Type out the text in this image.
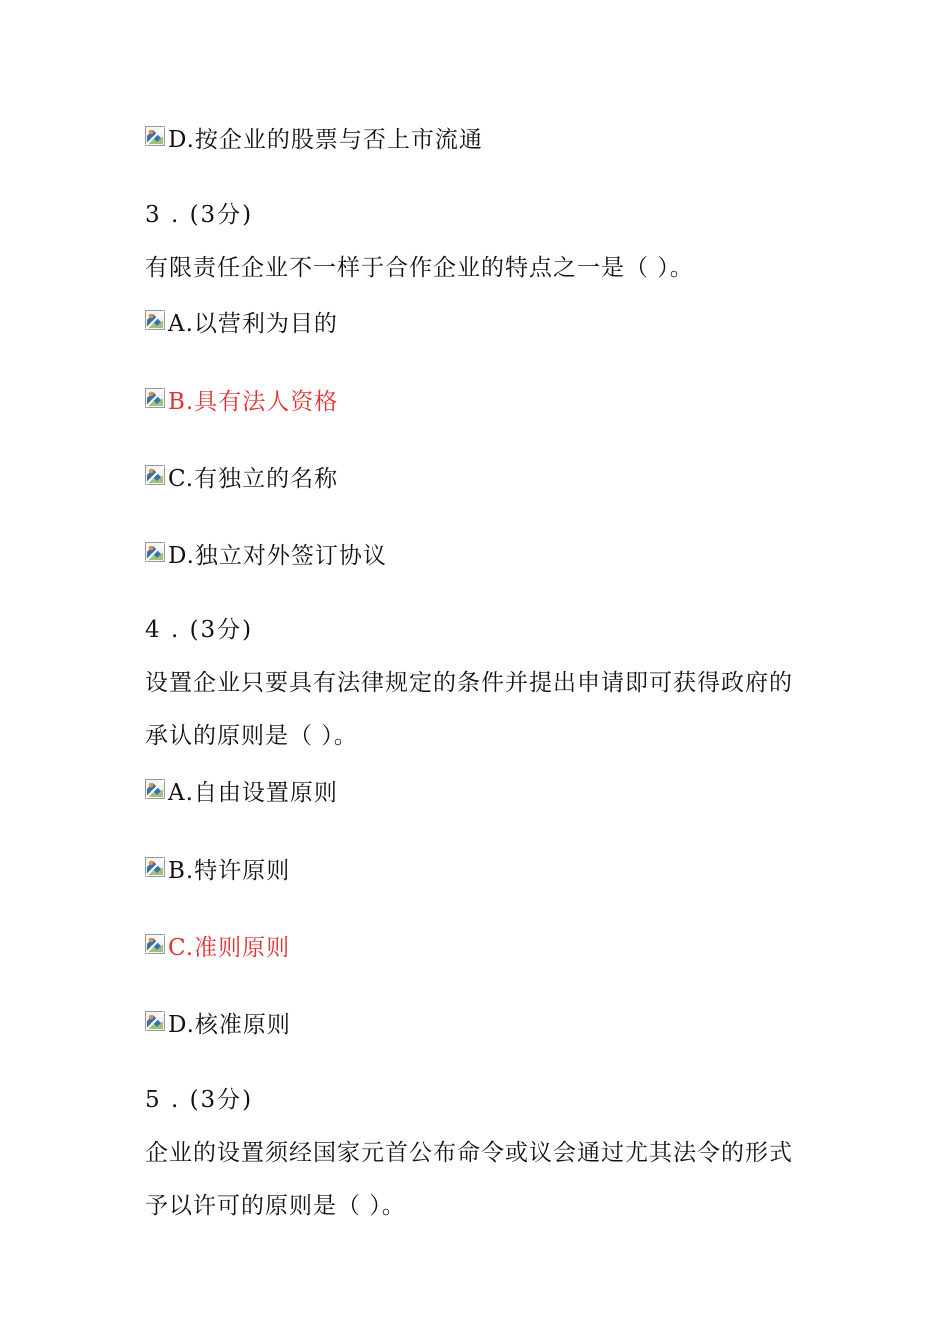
D.按企业的股票与否上市流通
3 . (3分)
有限责任企业不一样于合作企业的特点之一是（ ）。
A.以营利为目的
B.具有法人资格
C.有独立的名称
D.独立对外签订协议
4 . (3分)
设置企业只要具有法律规定的条件并提出申请即可获得政府的
承认的原则是（ ）。
A.自由设置原则
B.特许原则
C.准则原则
D.核准原则
5 . (3分)
企业的设置须经国家元首公布命令或议会通过尤其法令的形式
予以许可的原则是（ ）。
